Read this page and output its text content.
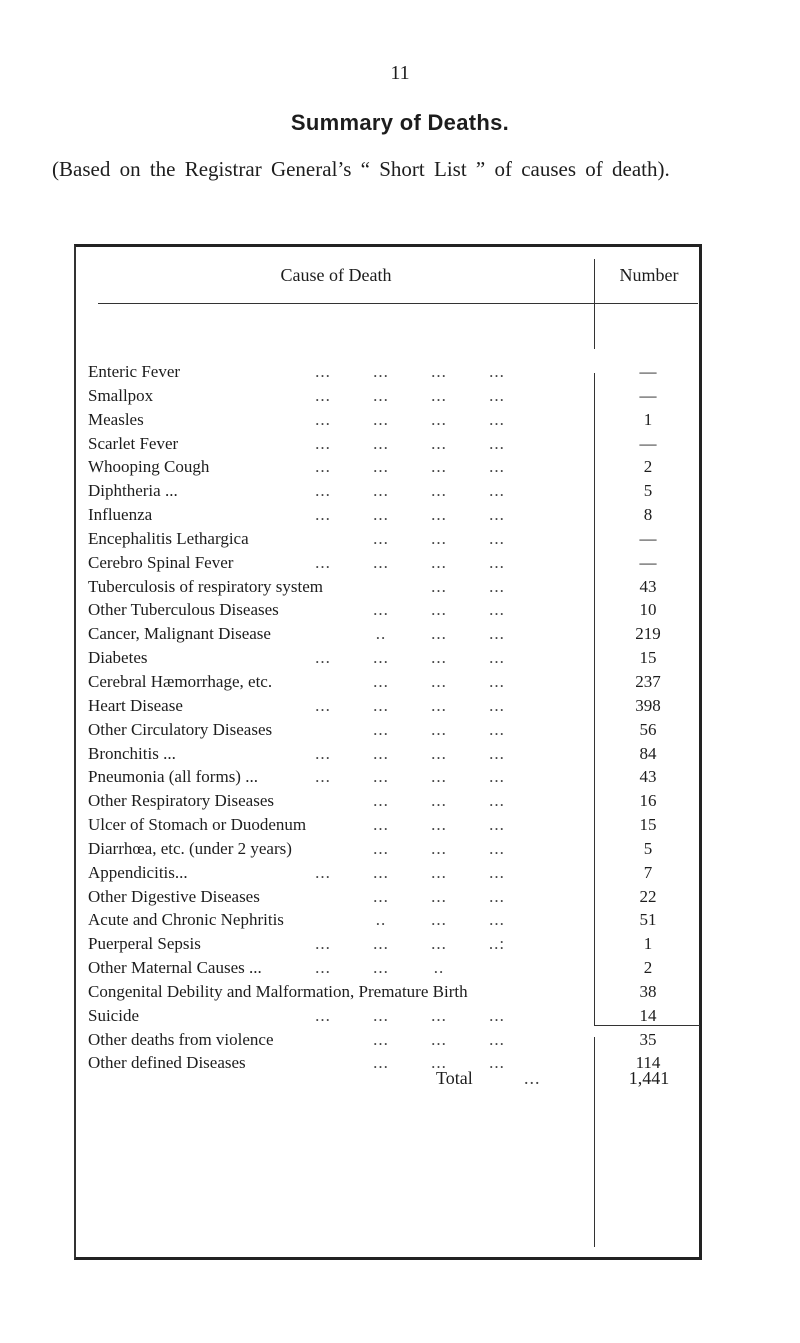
11
Summary of Deaths.
(Based on the Registrar General’s “ Short List ” of causes of death).
Cause of Death	Number
Enteric Fever	... ... ... ...	—
Smallpox	... ... ... ...	—
Measles	... ... ... ...	1
Scarlet Fever	... ... ... ...	—
Whooping Cough	... ... ... ...	2
Diphtheria ...	... ... ... ...	5
Influenza	... ... ... ...	8
Encephalitis Lethargica	... ... ...	—
Cerebro Spinal Fever	... ... ... ...	—
Tuberculosis of respiratory system	... ...	43
Other Tuberculous Diseases	... ... ...	10
Cancer, Malignant Disease	..	... ...	219
Diabetes	... ... ... ...	15
Cerebral Hæmorrhage, etc.	... ... ...	237
Heart Disease	... ... ... ...	398
Other Circulatory Diseases	... ... ...	56
Bronchitis ...	... ... ... ...	84
Pneumonia (all forms) ...	... ... ... ...	43
Other Respiratory Diseases	... ... ...	16
Ulcer of Stomach or Duodenum	... ... ...	15
Diarrhœa, etc. (under 2 years)	... ... ...	5
Appendicitis...	... ... ... ...	7
Other Digestive Diseases	... ... ...	22
Acute and Chronic Nephritis	..	... ...	51
Puerperal Sepsis	... ... ... ..:	1
Other Maternal Causes ...	... ...	..	2
Congenital Debility and Malformation, Premature Birth	38
Suicide	... ... ... ...	14
Other deaths from violence	... ... ...	35
Other defined Diseases	... ... ...	114
Total	...	1,441
